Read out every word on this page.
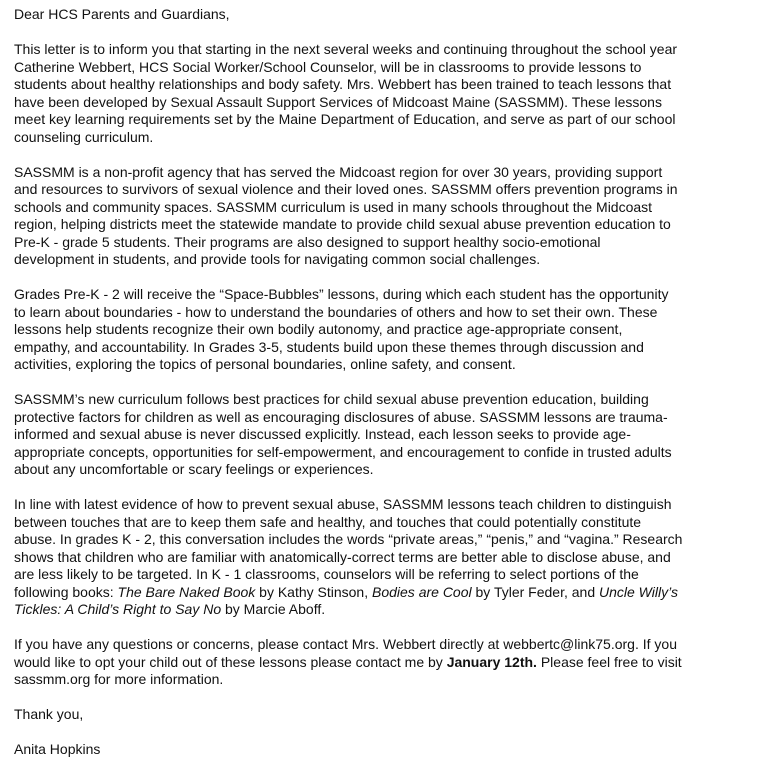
Dear HCS Parents and Guardians,

This letter is to inform you that starting in the next several weeks and continuing throughout the school year
Catherine Webbert, HCS Social Worker/School Counselor, will be in classrooms to provide lessons to
students about healthy relationships and body safety. Mrs. Webbert has been trained to teach lessons that
have been developed by Sexual Assault Support Services of Midcoast Maine (SASSMM). These lessons
meet key learning requirements set by the Maine Department of Education, and serve as part of our school
counseling curriculum.

SASSMM is a non-profit agency that has served the Midcoast region for over 30 years, providing support
and resources to survivors of sexual violence and their loved ones. SASSMM offers prevention programs in
schools and community spaces. SASSMM curriculum is used in many schools throughout the Midcoast
region, helping districts meet the statewide mandate to provide child sexual abuse prevention education to
Pre-K - grade 5 students. Their programs are also designed to support healthy socio-emotional
development in students, and provide tools for navigating common social challenges.

Grades Pre-K - 2 will receive the “Space-Bubbles” lessons, during which each student has the opportunity
to learn about boundaries - how to understand the boundaries of others and how to set their own. These
lessons help students recognize their own bodily autonomy, and practice age-appropriate consent,
empathy, and accountability. In Grades 3-5, students build upon these themes through discussion and
activities, exploring the topics of personal boundaries, online safety, and consent.

SASSMM’s new curriculum follows best practices for child sexual abuse prevention education, building
protective factors for children as well as encouraging disclosures of abuse. SASSMM lessons are trauma-
informed and sexual abuse is never discussed explicitly. Instead, each lesson seeks to provide age-
appropriate concepts, opportunities for self-empowerment, and encouragement to confide in trusted adults
about any uncomfortable or scary feelings or experiences.

In line with latest evidence of how to prevent sexual abuse, SASSMM lessons teach children to distinguish
between touches that are to keep them safe and healthy, and touches that could potentially constitute
abuse. In grades K - 2, this conversation includes the words “private areas,” “penis,” and “vagina.” Research
shows that children who are familiar with anatomically-correct terms are better able to disclose abuse, and
are less likely to be targeted. In K - 1 classrooms, counselors will be referring to select portions of the
following books: The Bare Naked Book by Kathy Stinson, Bodies are Cool by Tyler Feder, and Uncle Willy’s
Tickles: A Child’s Right to Say No by Marcie Aboff.

If you have any questions or concerns, please contact Mrs. Webbert directly at webbertc@link75.org. If you
would like to opt your child out of these lessons please contact me by January 12th. Please feel free to visit
sassmm.org for more information.

Thank you,

Anita Hopkins
